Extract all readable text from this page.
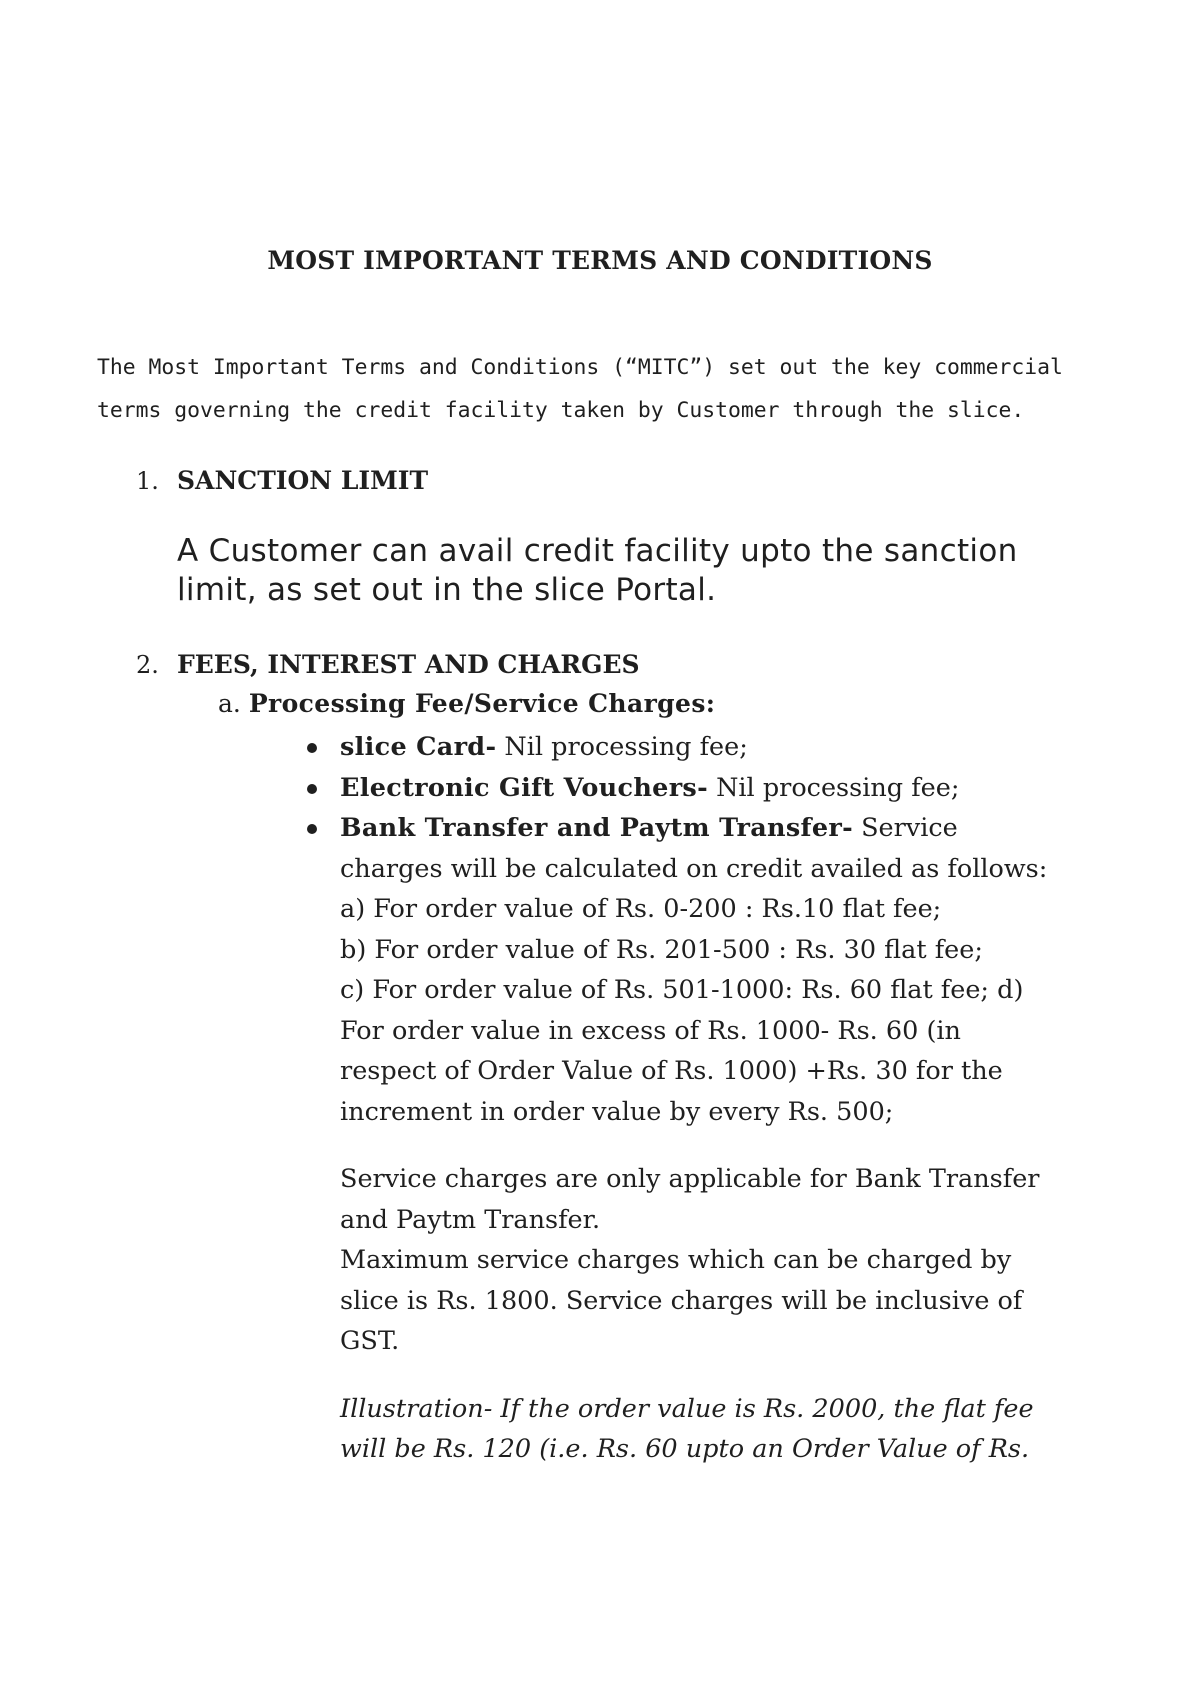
MOST IMPORTANT TERMS AND CONDITIONS
The Most Important Terms and Conditions (“MITC”) set out the key commercial
terms governing the credit facility taken by Customer through the slice.
1. SANCTION LIMIT
A Customer can avail credit facility upto the sanction
limit, as set out in the slice Portal.
2. FEES, INTEREST AND CHARGES
a. Processing Fee/Service Charges:
slice Card- Nil processing fee;
Electronic Gift Vouchers- Nil processing fee;
Bank Transfer and Paytm Transfer- Service
charges will be calculated on credit availed as follows:
a) For order value of Rs. 0-200 : Rs.10 flat fee;
b) For order value of Rs. 201-500 : Rs. 30 flat fee;
c) For order value of Rs. 501-1000: Rs. 60 flat fee; d)
For order value in excess of Rs. 1000- Rs. 60 (in
respect of Order Value of Rs. 1000) +Rs. 30 for the
increment in order value by every Rs. 500;
Service charges are only applicable for Bank Transfer
and Paytm Transfer.
Maximum service charges which can be charged by
slice is Rs. 1800. Service charges will be inclusive of
GST.
Illustration- If the order value is Rs. 2000, the flat fee
will be Rs. 120 (i.e. Rs. 60 upto an Order Value of Rs.
